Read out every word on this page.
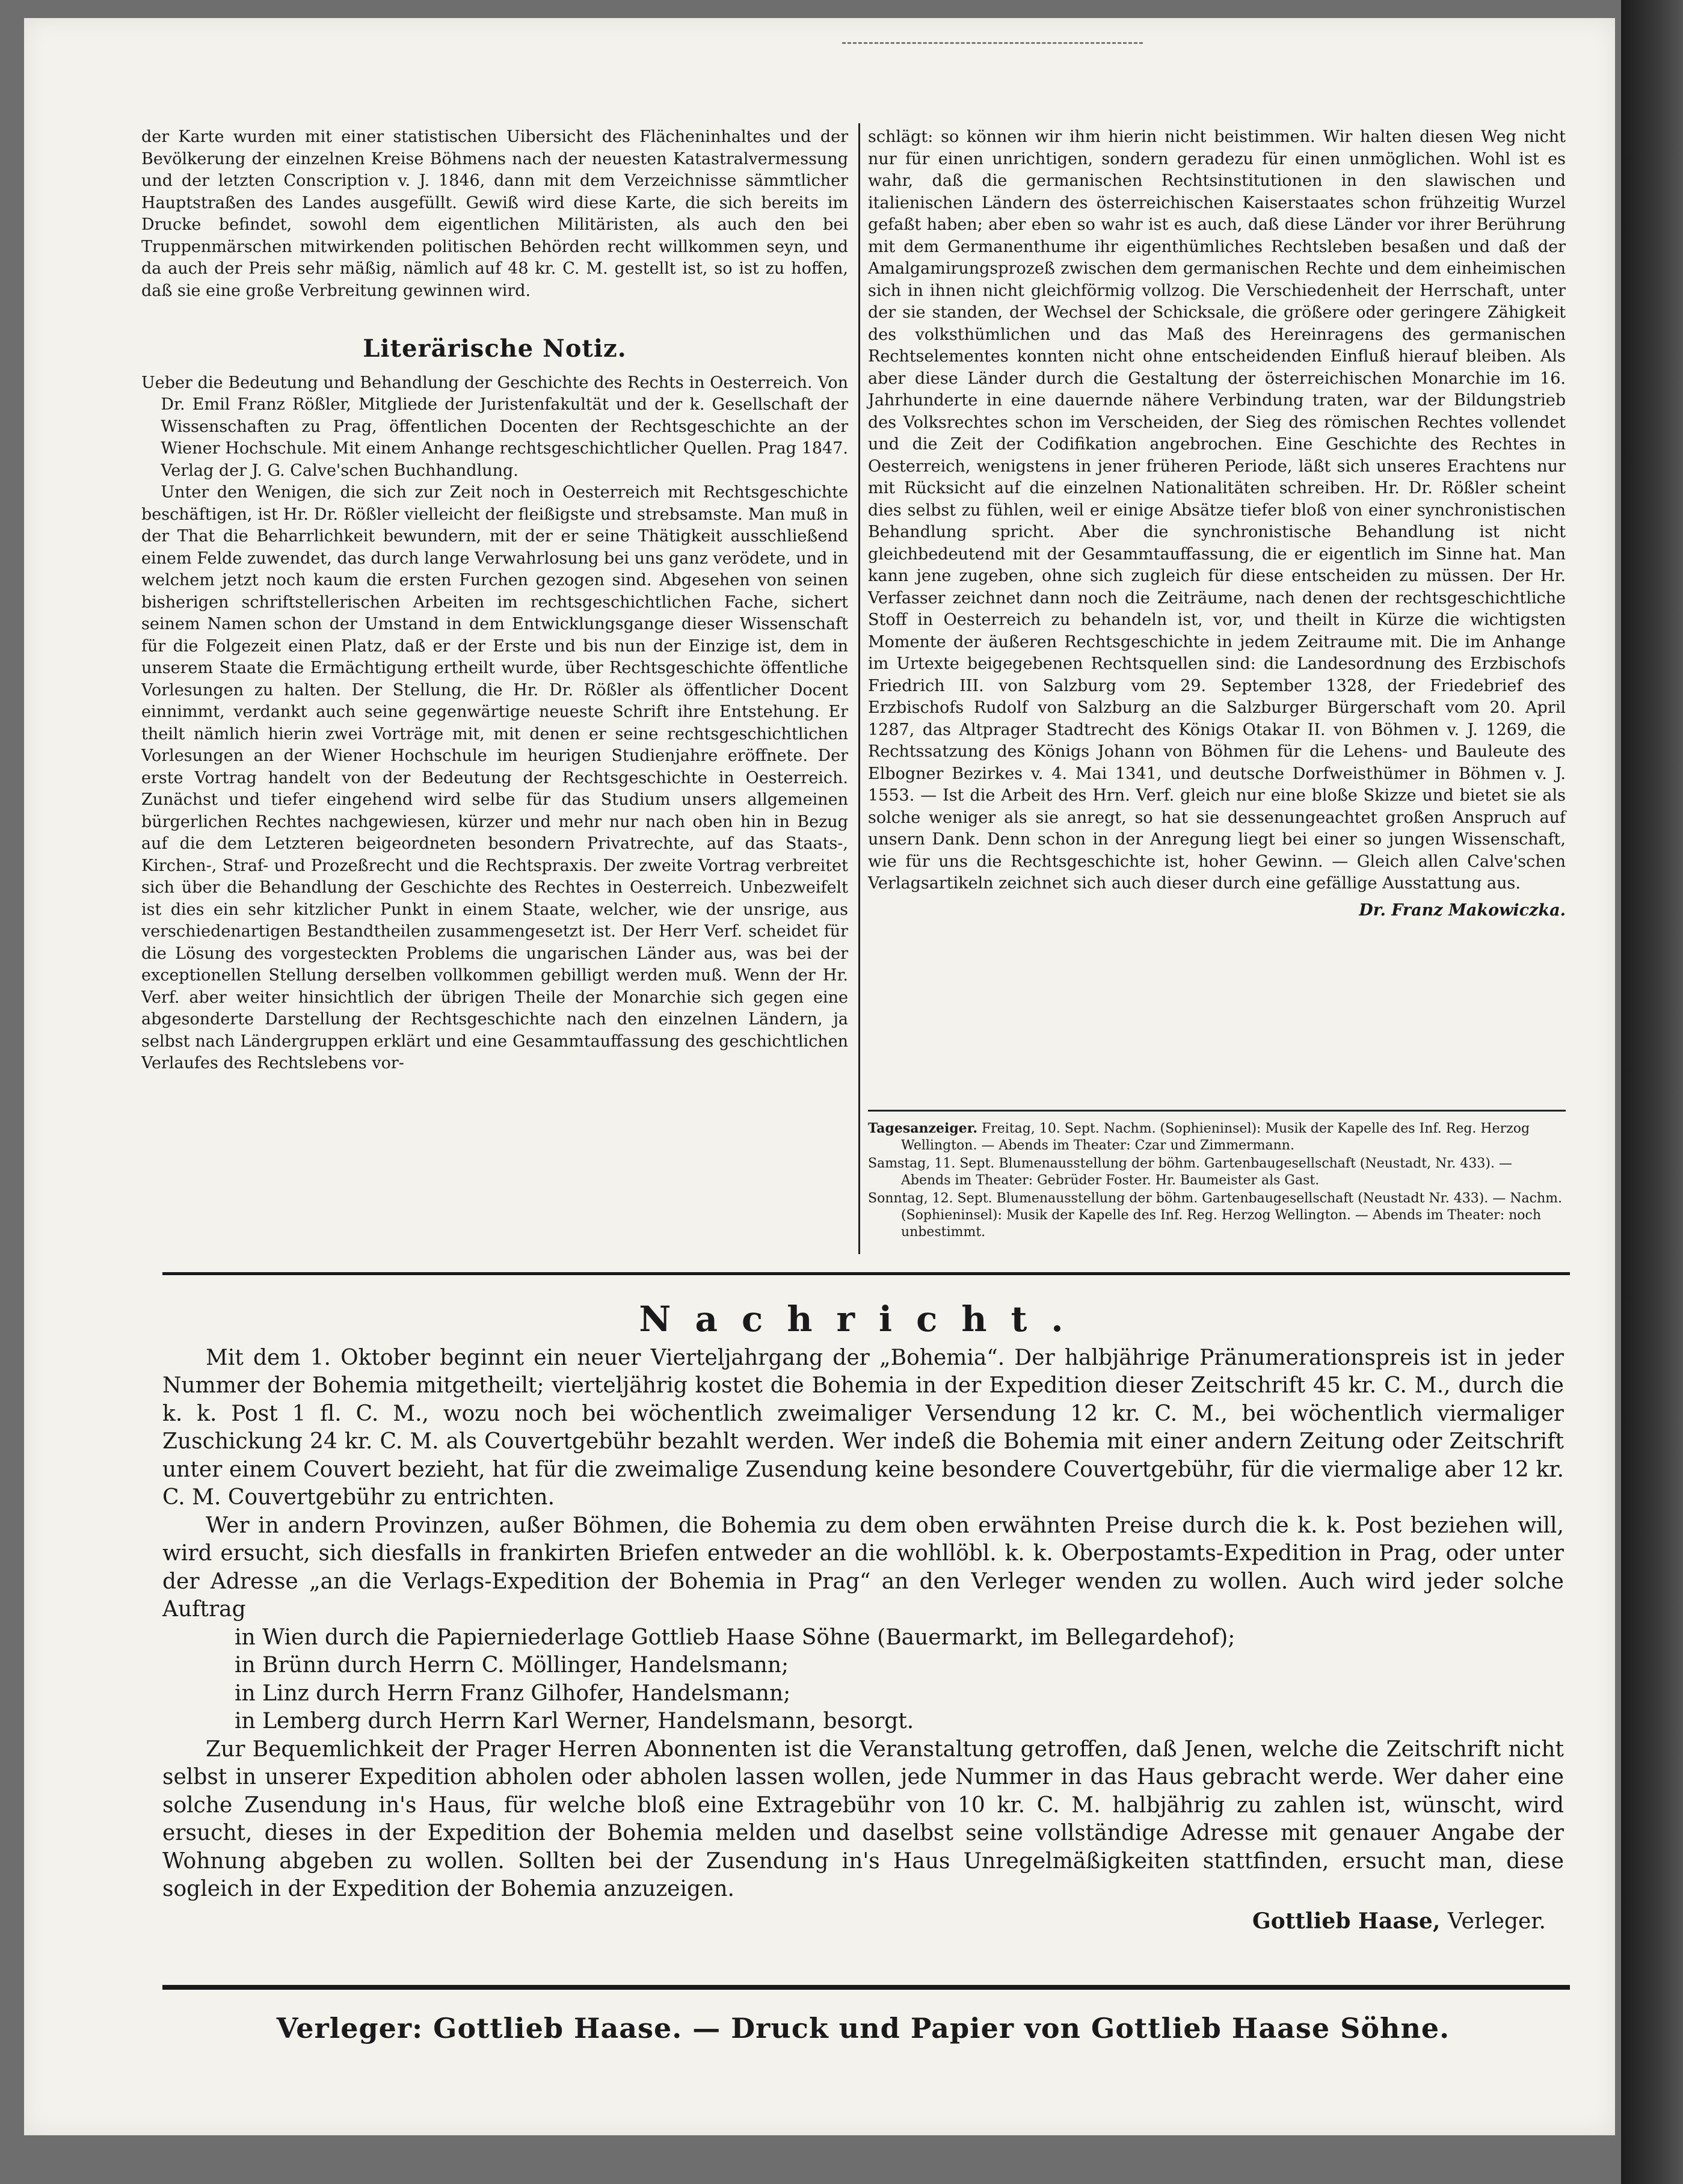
der Karte wurden mit einer statistischen Uibersicht des Flächeninhaltes und der Bevölkerung der einzelnen Kreise Böhmens nach der neuesten Katastralvermessung und der letzten Conscription v. J. 1846, dann mit dem Verzeichnisse sämmtlicher Hauptstraßen des Landes ausgefüllt. Gewiß wird diese Karte, die sich bereits im Drucke befindet, sowohl dem eigentlichen Militäristen, als auch den bei Truppenmärschen mitwirkenden politischen Behörden recht willkommen seyn, und da auch der Preis sehr mäßig, nämlich auf 48 kr. C. M. gestellt ist, so ist zu hoffen, daß sie eine große Verbreitung gewinnen wird.

Literärische Notiz.

Ueber die Bedeutung und Behandlung der Geschichte des Rechts in Oesterreich. Von Dr. Emil Franz Rößler, Mitgliede der Juristenfakultät und der k. Gesellschaft der Wissenschaften zu Prag, öffentlichen Docenten der Rechtsgeschichte an der Wiener Hochschule. Mit einem Anhange rechtsgeschichtlicher Quellen. Prag 1847. Verlag der J. G. Calve'schen Buchhandlung.

Unter den Wenigen, die sich zur Zeit noch in Oesterreich mit Rechtsgeschichte beschäftigen, ist Hr. Dr. Rößler vielleicht der fleißigste und strebsamste. Man muß in der That die Beharrlichkeit bewundern, mit der er seine Thätigkeit ausschließend einem Felde zuwendet, das durch lange Verwahrlosung bei uns ganz verödete, und in welchem jetzt noch kaum die ersten Furchen gezogen sind. Abgesehen von seinen bisherigen schriftstellerischen Arbeiten im rechtsgeschichtlichen Fache, sichert seinem Namen schon der Umstand in dem Entwicklungsgange dieser Wissenschaft für die Folgezeit einen Platz, daß er der Erste und bis nun der Einzige ist, dem in unserem Staate die Ermächtigung ertheilt wurde, über Rechtsgeschichte öffentliche Vorlesungen zu halten. Der Stellung, die Hr. Dr. Rößler als öffentlicher Docent einnimmt, verdankt auch seine gegenwärtige neueste Schrift ihre Entstehung. Er theilt nämlich hierin zwei Vorträge mit, mit denen er seine rechtsgeschichtlichen Vorlesungen an der Wiener Hochschule im heurigen Studienjahre eröffnete. Der erste Vortrag handelt von der Bedeutung der Rechtsgeschichte in Oesterreich. Zunächst und tiefer eingehend wird selbe für das Studium unsers allgemeinen bürgerlichen Rechtes nachgewiesen, kürzer und mehr nur nach oben hin in Bezug auf die dem Letzteren beigeordneten besondern Privatrechte, auf das Staats-, Kirchen-, Straf- und Prozeßrecht und die Rechtspraxis. Der zweite Vortrag verbreitet sich über die Behandlung der Geschichte des Rechtes in Oesterreich. Unbezweifelt ist dies ein sehr kitzlicher Punkt in einem Staate, welcher, wie der unsrige, aus verschiedenartigen Bestandtheilen zusammengesetzt ist. Der Herr Verf. scheidet für die Lösung des vorgesteckten Problems die ungarischen Länder aus, was bei der exceptionellen Stellung derselben vollkommen gebilligt werden muß. Wenn der Hr. Verf. aber weiter hinsichtlich der übrigen Theile der Monarchie sich gegen eine abgesonderte Darstellung der Rechtsgeschichte nach den einzelnen Ländern, ja selbst nach Ländergruppen erklärt und eine Gesammtauffassung des geschichtlichen Verlaufes des Rechtslebens vor-

schlägt: so können wir ihm hierin nicht beistimmen. Wir halten diesen Weg nicht nur für einen unrichtigen, sondern geradezu für einen unmöglichen. Wohl ist es wahr, daß die germanischen Rechtsinstitutionen in den slawischen und italienischen Ländern des österreichischen Kaiserstaates schon frühzeitig Wurzel gefaßt haben; aber eben so wahr ist es auch, daß diese Länder vor ihrer Berührung mit dem Germanenthume ihr eigenthümliches Rechtsleben besaßen und daß der Amalgamirungsprozeß zwischen dem germanischen Rechte und dem einheimischen sich in ihnen nicht gleichförmig vollzog. Die Verschiedenheit der Herrschaft, unter der sie standen, der Wechsel der Schicksale, die größere oder geringere Zähigkeit des volksthümlichen und das Maß des Hereinragens des germanischen Rechtselementes konnten nicht ohne entscheidenden Einfluß hierauf bleiben. Als aber diese Länder durch die Gestaltung der österreichischen Monarchie im 16. Jahrhunderte in eine dauernde nähere Verbindung traten, war der Bildungstrieb des Volksrechtes schon im Verscheiden, der Sieg des römischen Rechtes vollendet und die Zeit der Codifikation angebrochen. Eine Geschichte des Rechtes in Oesterreich, wenigstens in jener früheren Periode, läßt sich unseres Erachtens nur mit Rücksicht auf die einzelnen Nationalitäten schreiben. Hr. Dr. Rößler scheint dies selbst zu fühlen, weil er einige Absätze tiefer bloß von einer synchronistischen Behandlung spricht. Aber die synchronistische Behandlung ist nicht gleichbedeutend mit der Gesammtauffassung, die er eigentlich im Sinne hat. Man kann jene zugeben, ohne sich zugleich für diese entscheiden zu müssen. Der Hr. Verfasser zeichnet dann noch die Zeiträume, nach denen der rechtsgeschichtliche Stoff in Oesterreich zu behandeln ist, vor, und theilt in Kürze die wichtigsten Momente der äußeren Rechtsgeschichte in jedem Zeitraume mit. Die im Anhange im Urtexte beigegebenen Rechtsquellen sind: die Landesordnung des Erzbischofs Friedrich III. von Salzburg vom 29. September 1328, der Friedebrief des Erzbischofs Rudolf von Salzburg an die Salzburger Bürgerschaft vom 20. April 1287, das Altprager Stadtrecht des Königs Otakar II. von Böhmen v. J. 1269, die Rechtssatzung des Königs Johann von Böhmen für die Lehens- und Bauleute des Elbogner Bezirkes v. 4. Mai 1341, und deutsche Dorfweisthümer in Böhmen v. J. 1553. — Ist die Arbeit des Hrn. Verf. gleich nur eine bloße Skizze und bietet sie als solche weniger als sie anregt, so hat sie dessenungeachtet großen Anspruch auf unsern Dank. Denn schon in der Anregung liegt bei einer so jungen Wissenschaft, wie für uns die Rechtsgeschichte ist, hoher Gewinn. — Gleich allen Calve'schen Verlagsartikeln zeichnet sich auch dieser durch eine gefällige Ausstattung aus.

Dr. Franz Makowiczka.

Tagesanzeiger. Freitag, 10. Sept. Nachm. (Sophieninsel): Musik der Kapelle des Inf. Reg. Herzog Wellington. — Abends im Theater: Czar und Zimmermann.

Samstag, 11. Sept. Blumenausstellung der böhm. Gartenbaugesellschaft (Neustadt, Nr. 433). — Abends im Theater: Gebrüder Foster. Hr. Baumeister als Gast.

Sonntag, 12. Sept. Blumenausstellung der böhm. Gartenbaugesellschaft (Neustadt Nr. 433). — Nachm. (Sophieninsel): Musik der Kapelle des Inf. Reg. Herzog Wellington. — Abends im Theater: noch unbestimmt.

Nachricht.

Mit dem 1. Oktober beginnt ein neuer Vierteljahrgang der „Bohemia“. Der halbjährige Pränumerationspreis ist in jeder Nummer der Bohemia mitgetheilt; vierteljährig kostet die Bohemia in der Expedition dieser Zeitschrift 45 kr. C. M., durch die k. k. Post 1 fl. C. M., wozu noch bei wöchentlich zweimaliger Versendung 12 kr. C. M., bei wöchentlich viermaliger Zuschickung 24 kr. C. M. als Couvertgebühr bezahlt werden. Wer indeß die Bohemia mit einer andern Zeitung oder Zeitschrift unter einem Couvert bezieht, hat für die zweimalige Zusendung keine besondere Couvertgebühr, für die viermalige aber 12 kr. C. M. Couvertgebühr zu entrichten.

Wer in andern Provinzen, außer Böhmen, die Bohemia zu dem oben erwähnten Preise durch die k. k. Post beziehen will, wird ersucht, sich diesfalls in frankirten Briefen entweder an die wohllöbl. k. k. Oberpostamts-Expedition in Prag, oder unter der Adresse „an die Verlags-Expedition der Bohemia in Prag“ an den Verleger wenden zu wollen. Auch wird jeder solche Auftrag

in Wien durch die Papierniederlage Gottlieb Haase Söhne (Bauermarkt, im Bellegardehof);

in Brünn durch Herrn C. Möllinger, Handelsmann;

in Linz durch Herrn Franz Gilhofer, Handelsmann;

in Lemberg durch Herrn Karl Werner, Handelsmann, besorgt.

Zur Bequemlichkeit der Prager Herren Abonnenten ist die Veranstaltung getroffen, daß Jenen, welche die Zeitschrift nicht selbst in unserer Expedition abholen oder abholen lassen wollen, jede Nummer in das Haus gebracht werde. Wer daher eine solche Zusendung in's Haus, für welche bloß eine Extragebühr von 10 kr. C. M. halbjährig zu zahlen ist, wünscht, wird ersucht, dieses in der Expedition der Bohemia melden und daselbst seine vollständige Adresse mit genauer Angabe der Wohnung abgeben zu wollen. Sollten bei der Zusendung in's Haus Unregelmäßigkeiten stattfinden, ersucht man, diese sogleich in der Expedition der Bohemia anzuzeigen.

Gottlieb Haase, Verleger.

Verleger: Gottlieb Haase. — Druck und Papier von Gottlieb Haase Söhne.
